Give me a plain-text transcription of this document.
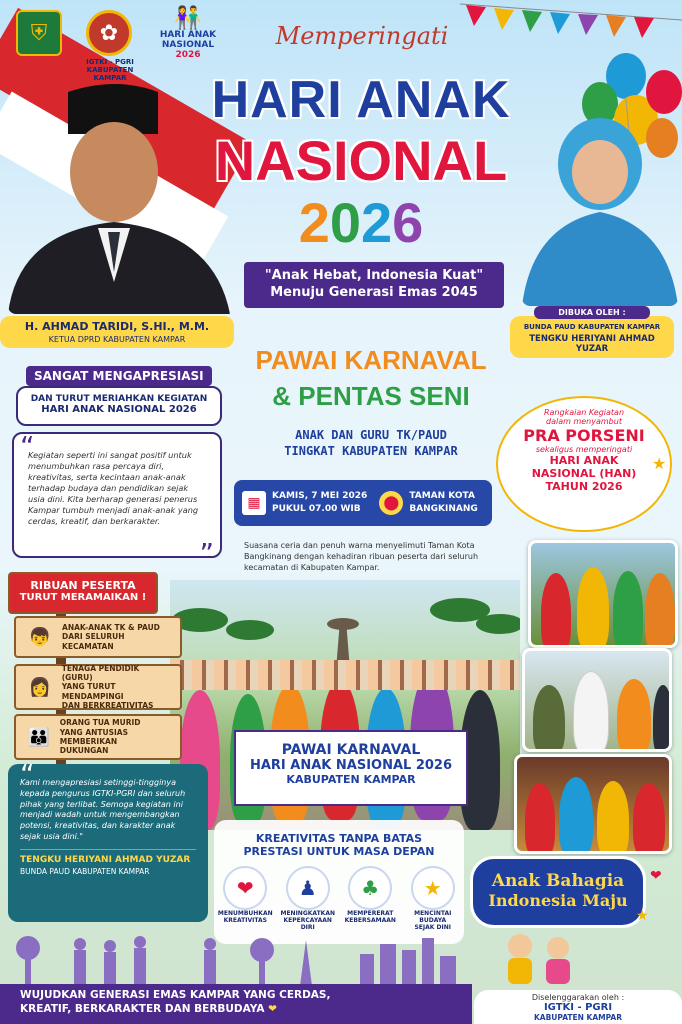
⛨	✿
IGTKI - PGRI
KABUPATEN KAMPAR
👫
HARI ANAK
NASIONAL
2026
Memperingati
HARI ANAK
NASIONAL
2026
"Anak Hebat, Indonesia Kuat"
Menuju Generasi Emas 2045
H. AHMAD TARIDI, S.HI., M.M.
KETUA DPRD KABUPATEN KAMPAR
DIBUKA OLEH :
BUNDA PAUD KABUPATEN KAMPAR
TENGKU HERIYANI AHMAD YUZAR
SANGAT MENGAPRESIASI
DAN TURUT MERIAHKAN KEGIATAN
HARI ANAK NASIONAL 2026
“
Kegiatan seperti ini sangat positif untuk menumbuhkan rasa percaya diri, kreativitas, serta kecintaan anak-anak terhadap budaya dan pendidikan sejak usia dini. Kita berharap generasi penerus Kampar tumbuh menjadi anak-anak yang cerdas, kreatif, dan berkarakter.
”
PAWAI KARNAVAL
& PENTAS SENI
ANAK DAN GURU TK/PAUD
TINGKAT KABUPATEN KAMPAR
▦	KAMIS, 7 MEI 2026
PUKUL 07.00 WIB	⬤	TAMAN KOTA
BANGKINANG
Suasana ceria dan penuh warna menyelimuti Taman Kota Bangkinang dengan kehadiran ribuan peserta dari seluruh kecamatan di Kabupaten Kampar.
Rangkaian Kegiatan
dalam menyambut
PRA PORSENI
sekaligus memperingati
HARI ANAK
NASIONAL (HAN)
TAHUN 2026
★
PAWAI KARNAVAL
HARI ANAK NASIONAL 2026
KABUPATEN KAMPAR
RIBUAN PESERTA
TURUT MERAMAIKAN !
👦	ANAK-ANAK TK & PAUD
DARI SELURUH KECAMATAN
👩
TENAGA PENDIDIK (GURU)
YANG TURUT MENDAMPINGI
DAN BERKREATIVITAS
👪
ORANG TUA MURID
YANG ANTUSIAS MEMBERIKAN
DUKUNGAN
“
Kami mengapresiasi setinggi-tingginya kepada pengurus IGTKI-PGRI dan seluruh pihak yang terlibat. Semoga kegiatan ini menjadi wadah untuk mengembangkan potensi, kreativitas, dan karakter anak sejak usia dini."
TENGKU HERIYANI AHMAD YUZAR
BUNDA PAUD KABUPATEN KAMPAR
KREATIVITAS TANPA BATAS
PRESTASI UNTUK MASA DEPAN
❤
MENUMBUHKAN
KREATIVITAS
♟
MENINGKATKAN
KEPERCAYAAN DIRI
♣
MEMPERERAT
KEBERSAMAAN
★
MENCINTAI BUDAYA
SEJAK DINI
Anak Bahagia
Indonesia Maju
❤
★
WUJUDKAN GENERASI EMAS KAMPAR YANG CERDAS,
KREATIF, BERKARAKTER DAN BERBUDAYA ❤
Diselenggarakan oleh :
IGTKI - PGRI
KABUPATEN KAMPAR
